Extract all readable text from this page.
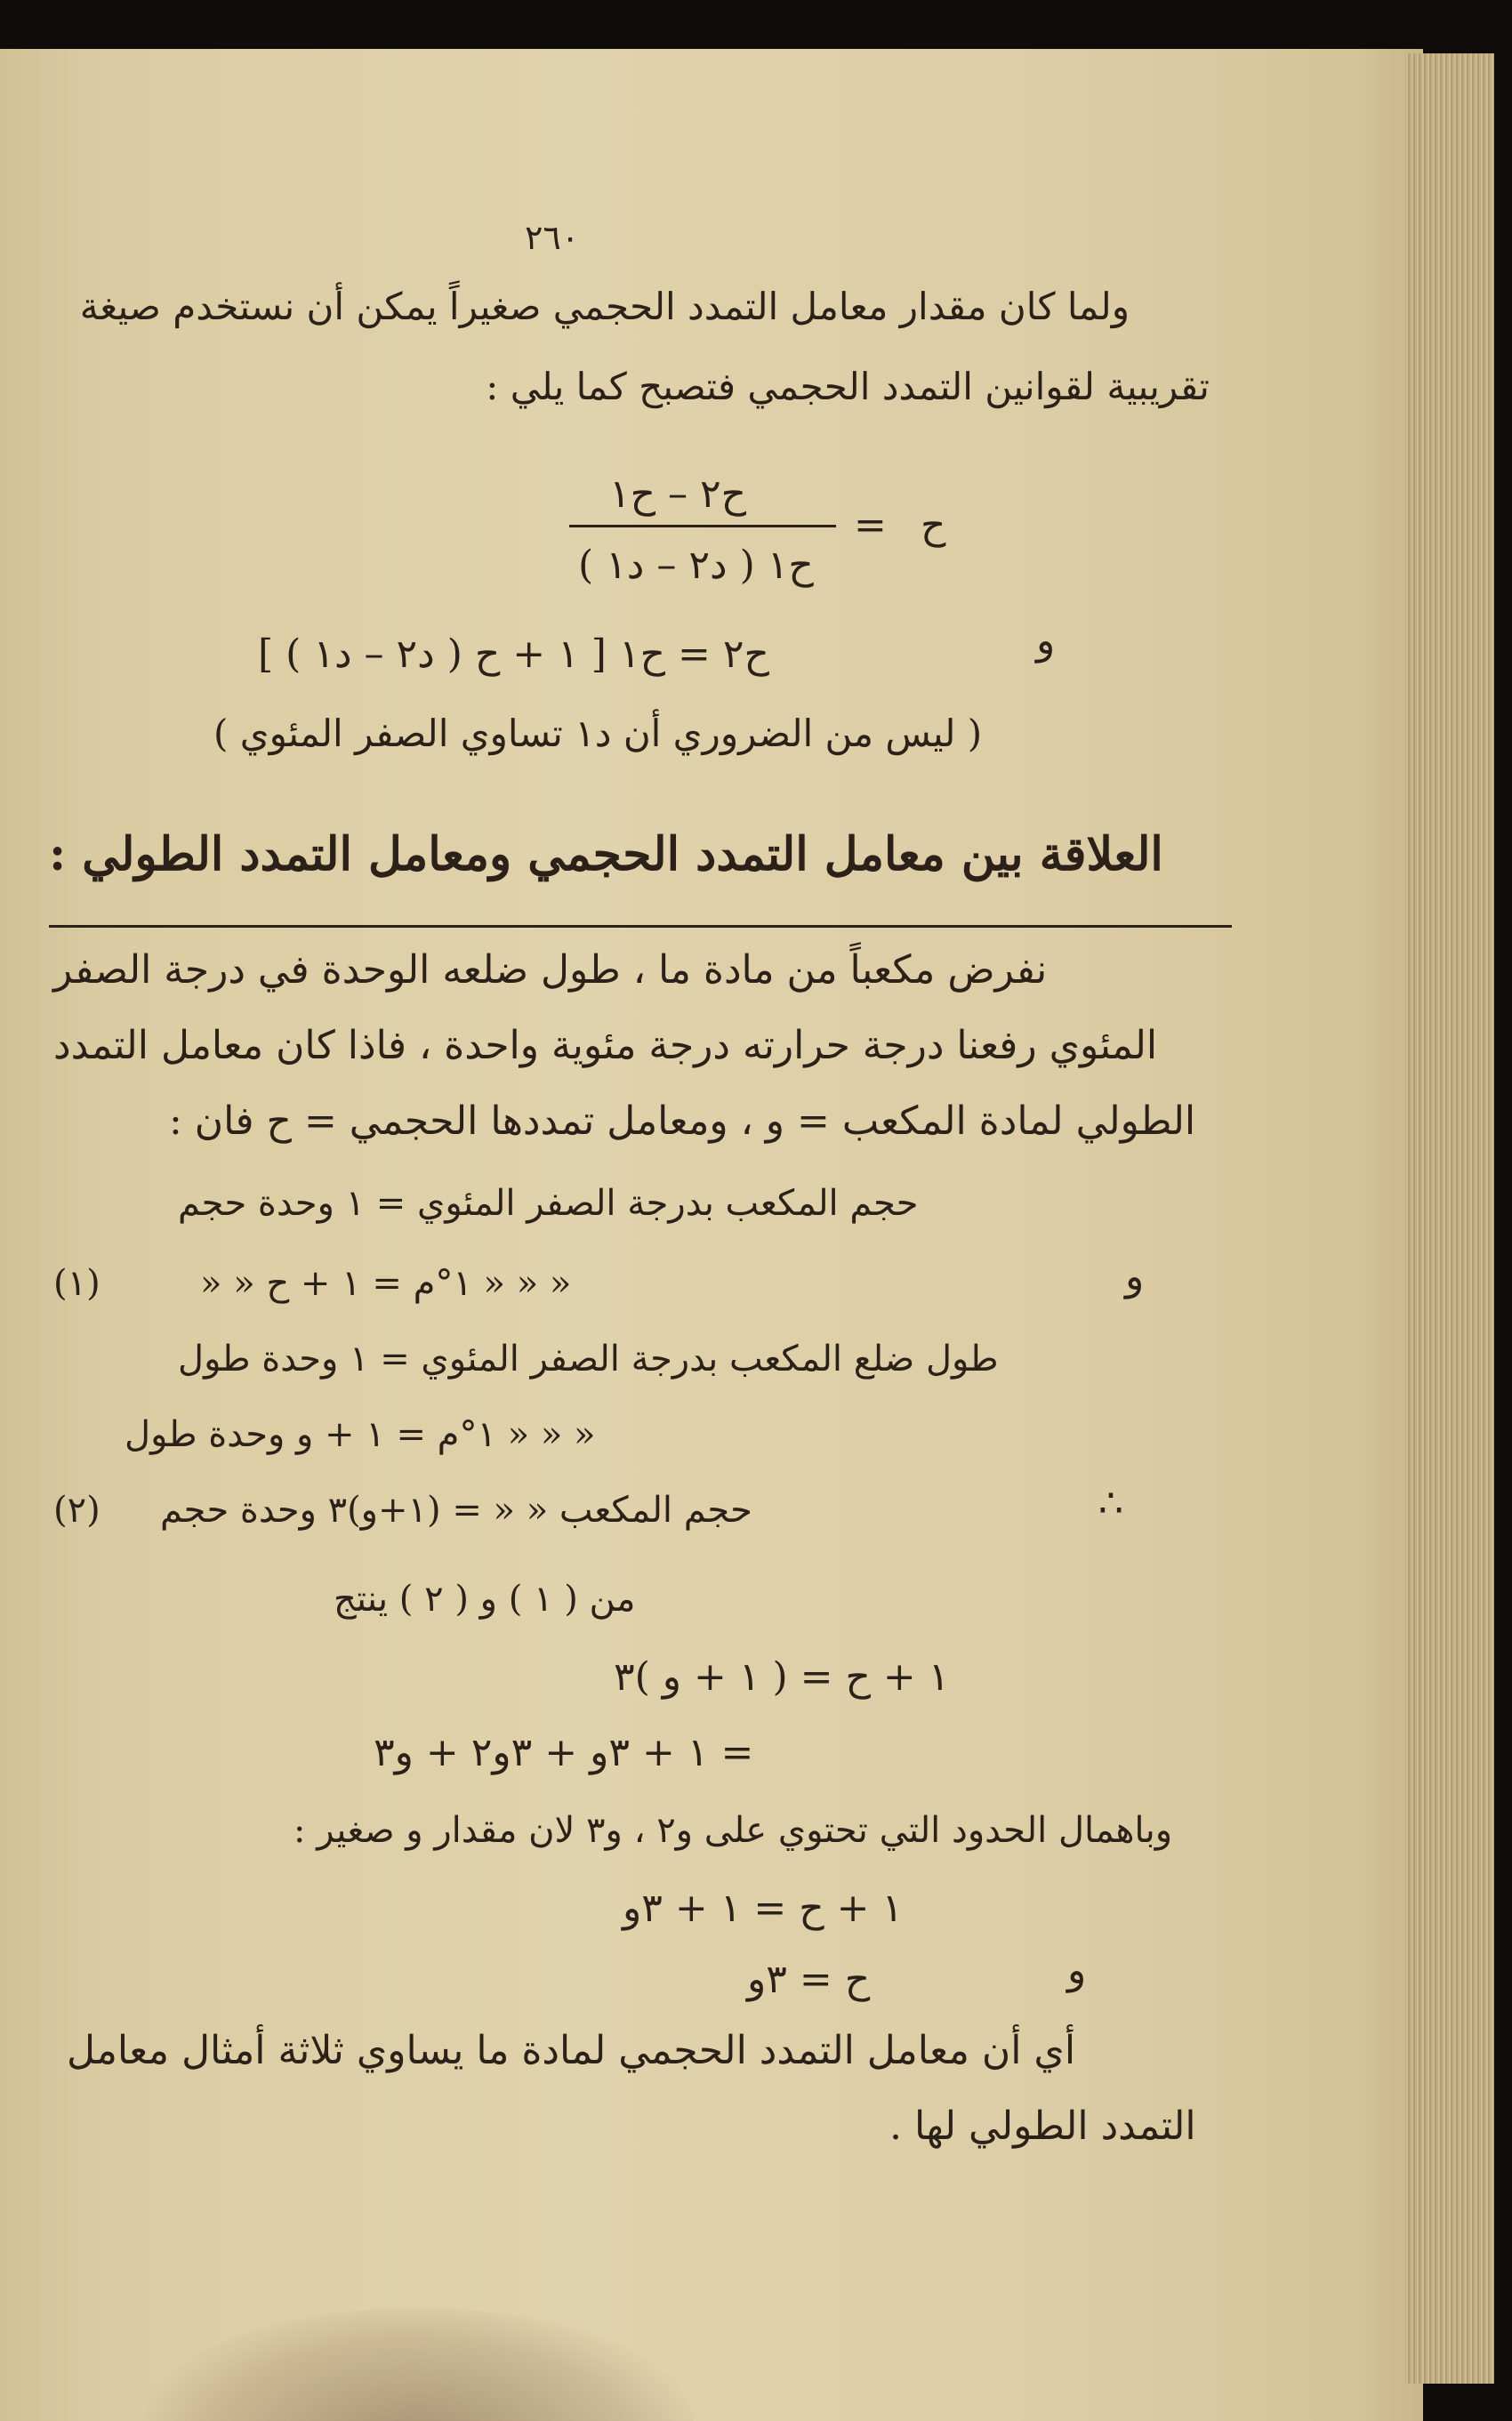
٢٦٠
ولما كان مقدار معامل التمدد الحجمي صغيراً يمكن أن نستخدم صيغة
تقريبية لقوانين التمدد الحجمي فتصبح كما يلي :
ح٢ – ح١
ح١ ( د٢ – د١ )
= ح
و
ح٢ = ح١ [ ١ + ح ( د٢ – د١ ) ]
( ليس من الضروري أن د١ تساوي الصفر المئوي )
العلاقة بين معامل التمدد الحجمي ومعامل التمدد الطولي :
نفرض مكعباً من مادة ما ، طول ضلعه الوحدة في درجة الصفر
المئوي رفعنا درجة حرارته درجة مئوية واحدة ، فاذا كان معامل التمدد
الطولي لمادة المكعب = و ، ومعامل تمددها الحجمي = ح فان :
حجم المكعب بدرجة الصفر المئوي = ١ وحدة حجم
و
« « « ١°م = ١ + ح « «
(١)
طول ضلع المكعب بدرجة الصفر المئوي = ١ وحدة طول
« « « ١°م = ١ + و وحدة طول
∴
حجم المكعب « « = (١+و)٣ وحدة حجم
(٢)
من ( ١ ) و ( ٢ ) ينتج
١ + ح = ( ١ + و )٣
= ١ + ٣و + ٣و٢ + و٣
وباهمال الحدود التي تحتوي على و٢ ، و٣ لان مقدار و صغير :
١ + ح = ١ + ٣و
و
ح = ٣و
أي أن معامل التمدد الحجمي لمادة ما يساوي ثلاثة أمثال معامل
التمدد الطولي لها .
